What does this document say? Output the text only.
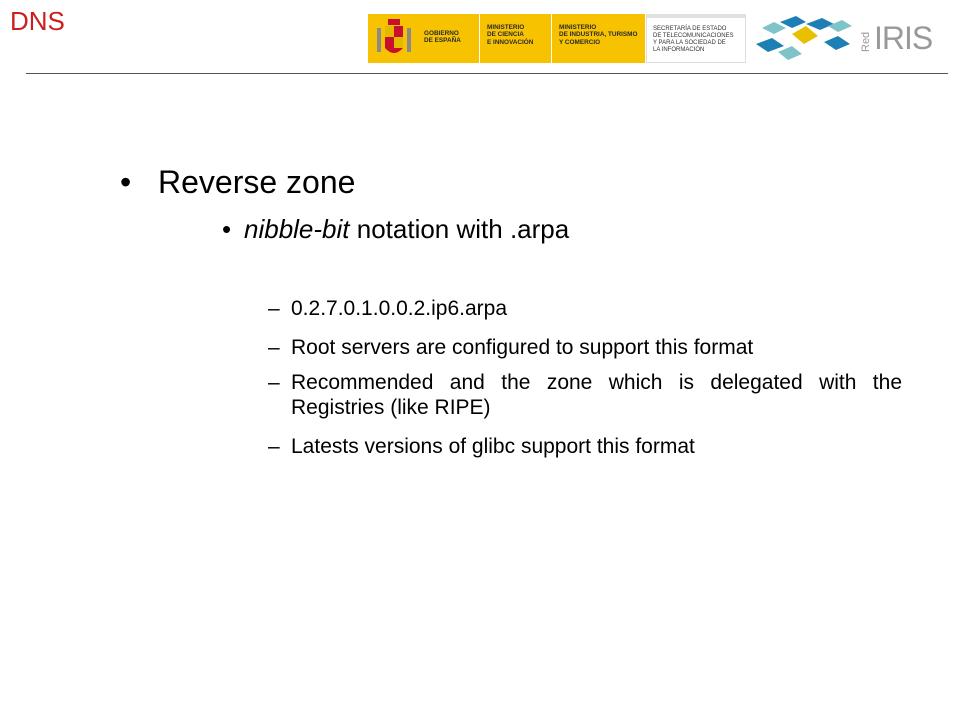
DNS	GOBIERNO
DE ESPAÑA
MINISTERIO
DE CIENCIA
E INNOVACIÓN
MINISTERIO
DE INDUSTRIA, TURISMO
Y COMERCIO
SECRETARÍA DE ESTADO
DE TELECOMUNICACIONES
Y PARA LA SOCIEDAD DE
LA INFORMACIÓN	Red IRIS
• Reverse zone
• nibble-bit notation with .arpa
– 0.2.7.0.1.0.0.2.ip6.arpa
– Root servers are configured to support this format
– Recommended and the zone which is delegated with the Registries (like RIPE)
– Latests versions of glibc support this format
